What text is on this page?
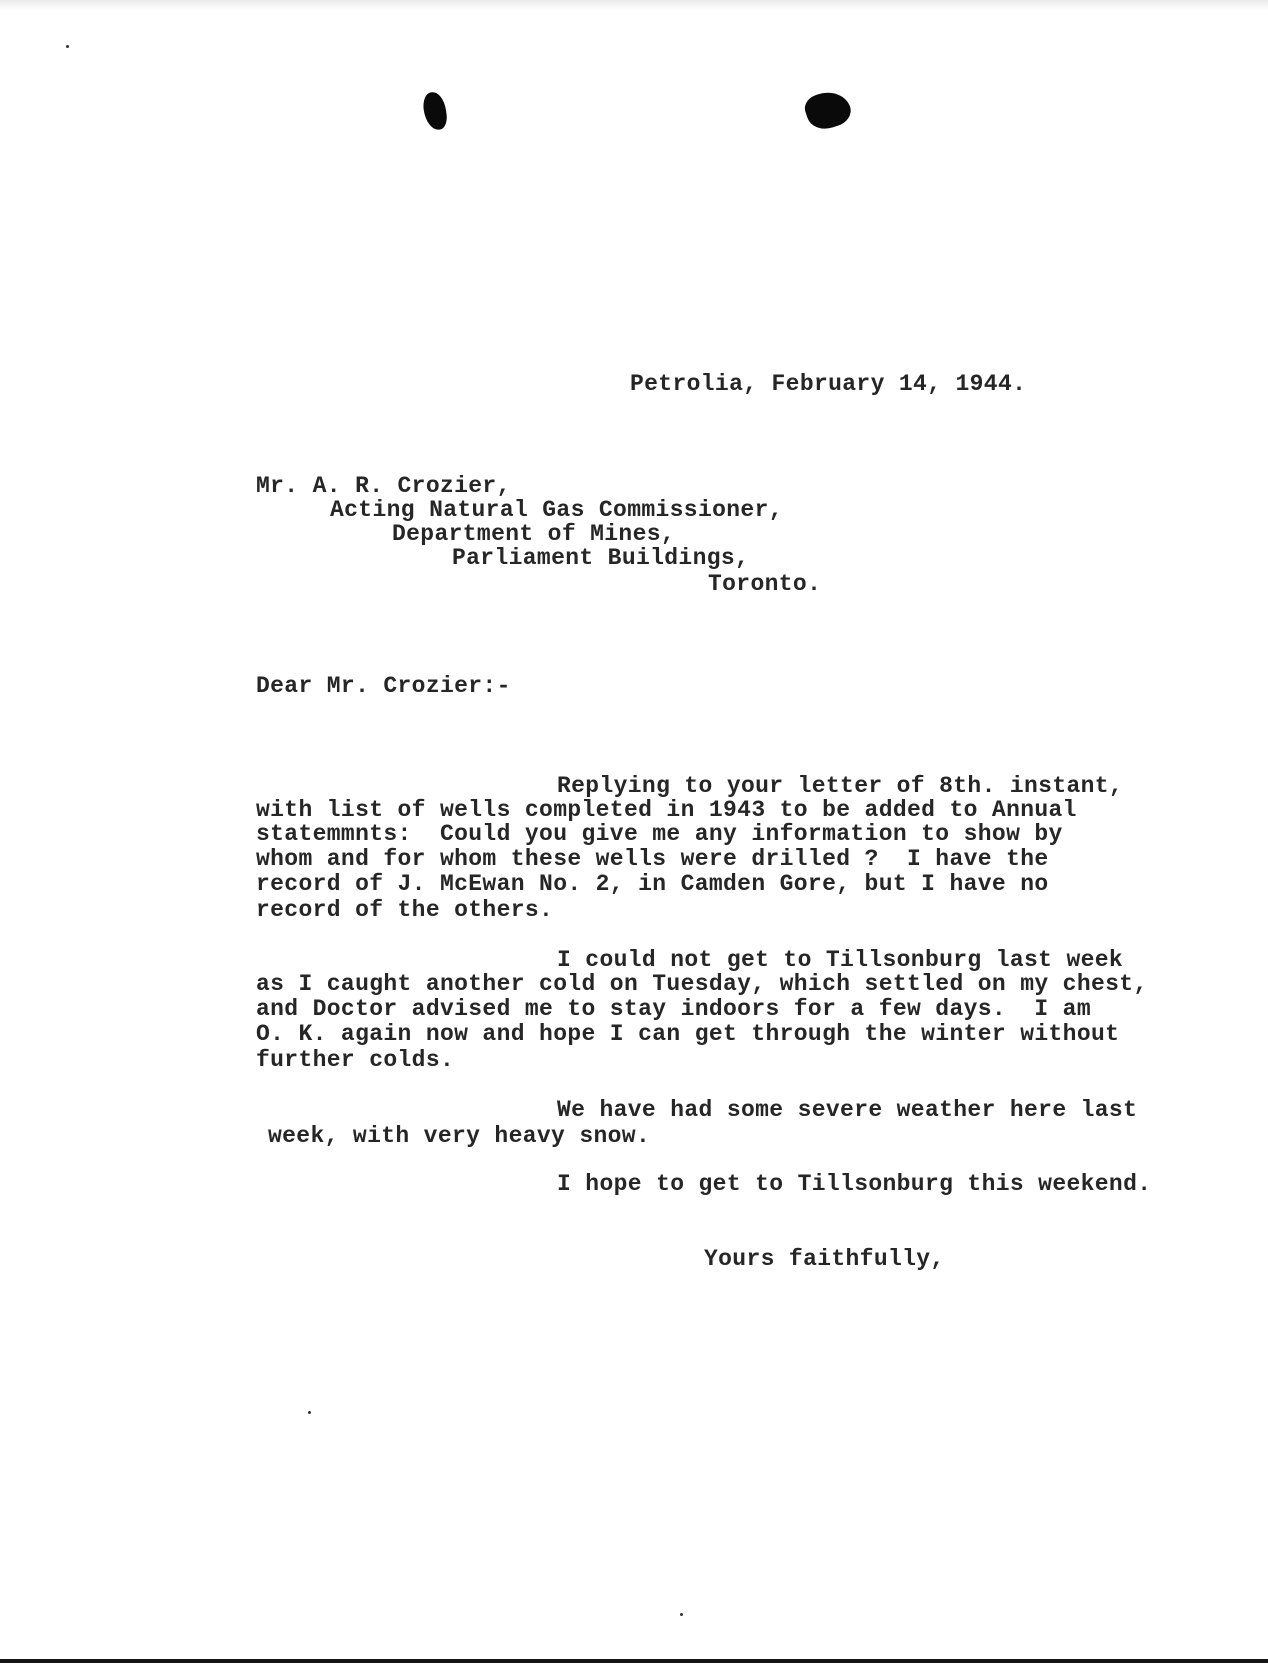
Petrolia, February 14, 1944.
Mr. A. R. Crozier,
Acting Natural Gas Commissioner,
Department of Mines,
Parliament Buildings,
Toronto.
Dear Mr. Crozier:-
Replying to your letter of 8th. instant,
with list of wells completed in 1943 to be added to Annual
statemmnts:  Could you give me any information to show by
whom and for whom these wells were drilled ?  I have the
record of J. McEwan No. 2, in Camden Gore, but I have no
record of the others.
I could not get to Tillsonburg last week
as I caught another cold on Tuesday, which settled on my chest,
and Doctor advised me to stay indoors for a few days.  I am
O. K. again now and hope I can get through the winter without
further colds.
We have had some severe weather here last
week, with very heavy snow.
I hope to get to Tillsonburg this weekend.
Yours faithfully,
